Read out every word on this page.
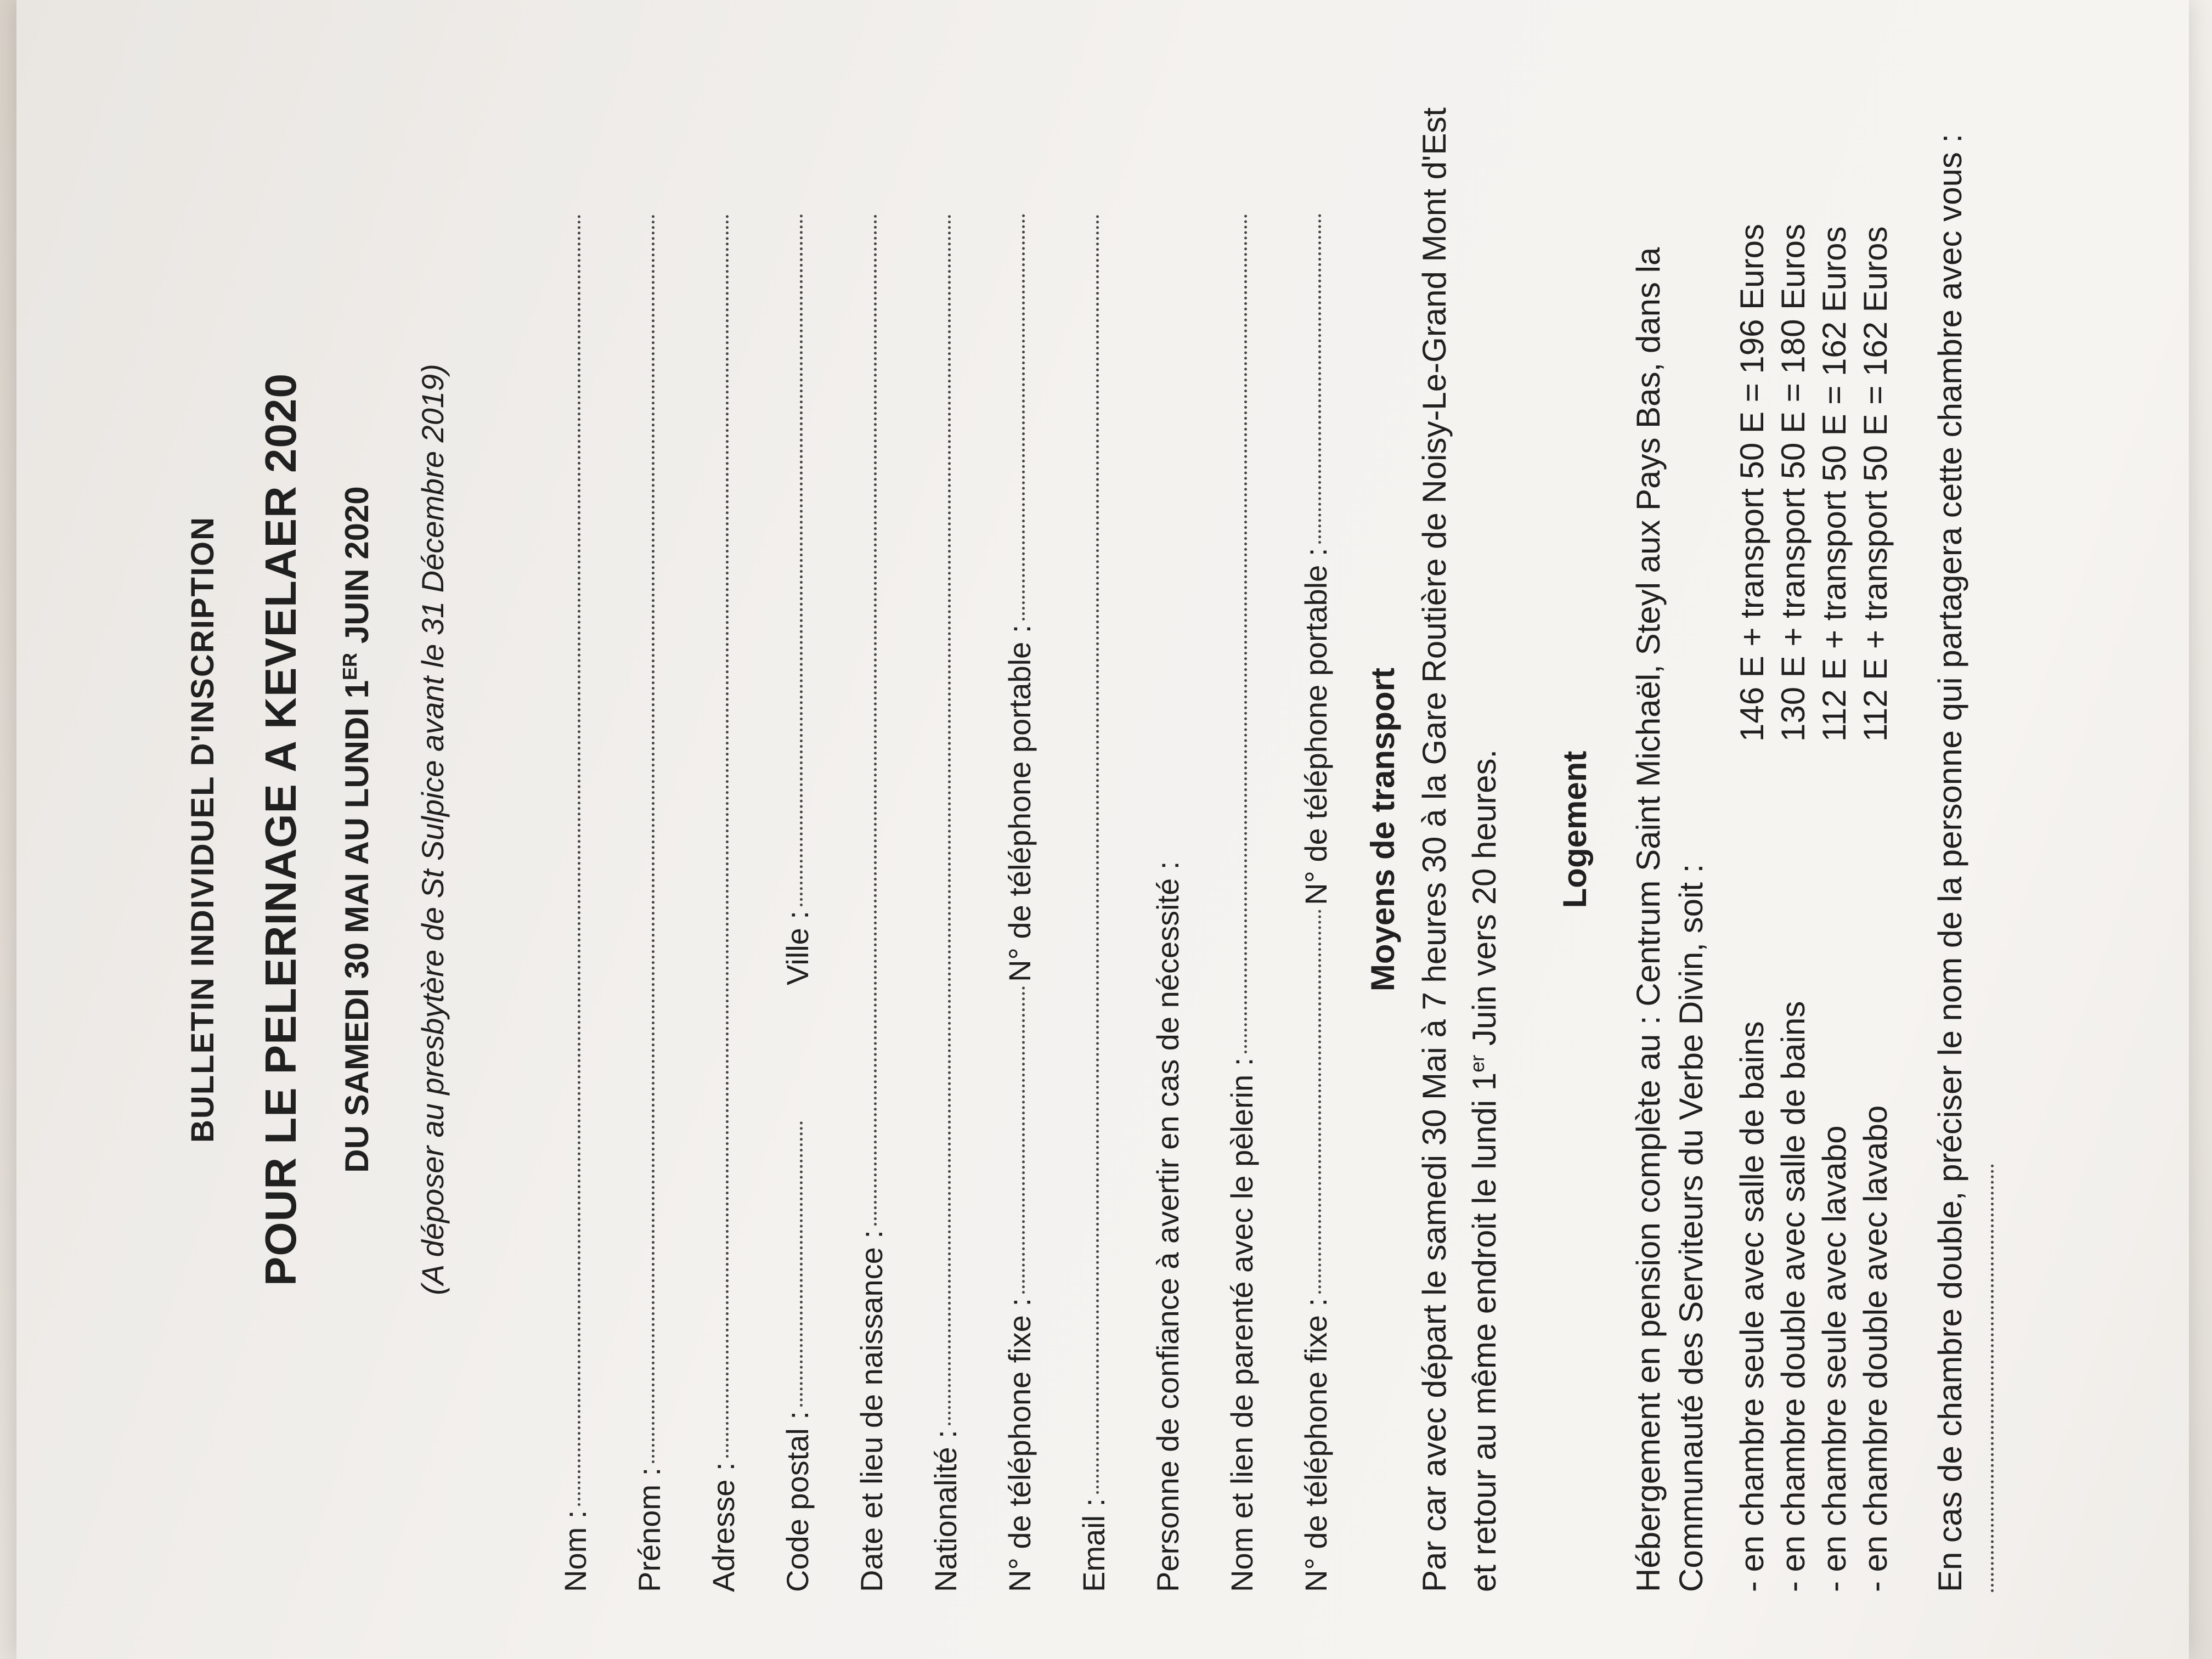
BULLETIN INDIVIDUEL D'INSCRIPTION POUR LE PELERINAGE A KEVELAER 2020 DU SAMEDI 30 MAI AU LUNDI 1ER JUIN 2020 (A déposer au presbytère de St Sulpice avant le 31 Décembre 2019)
Nom : Prénom : Adresse : Code postal :
Ville :
Date et lieu de naissance : Nationalité : N° de téléphone fixe :
N° de téléphone portable :
Email : Personne de confiance à avertir en cas de nécessité : Nom et lien de parenté avec le pèlerin : N° de téléphone fixe :
N° de téléphone portable : Moyens de transport Par car avec départ le samedi 30 Mai à 7 heures 30 à la Gare Routière de Noisy-Le-Grand Mont d'Est et retour au même endroit le lundi 1er Juin vers 20 heures. Logement Hébergement en pension complète au : Centrum Saint Michaël, Steyl aux Pays Bas, dans la Communauté des Serviteurs du Verbe Divin, soit : - en chambre seule avec salle de bains
146 E + transport 50 E = 196 Euros
- en chambre double avec salle de bains
130 E + transport 50 E = 180 Euros
- en chambre seule avec lavabo
112 E + transport 50 E = 162 Euros
- en chambre double avec lavabo
112 E + transport 50 E = 162 Euros En cas de chambre double, préciser le nom de la personne qui partagera cette chambre avec vous :
